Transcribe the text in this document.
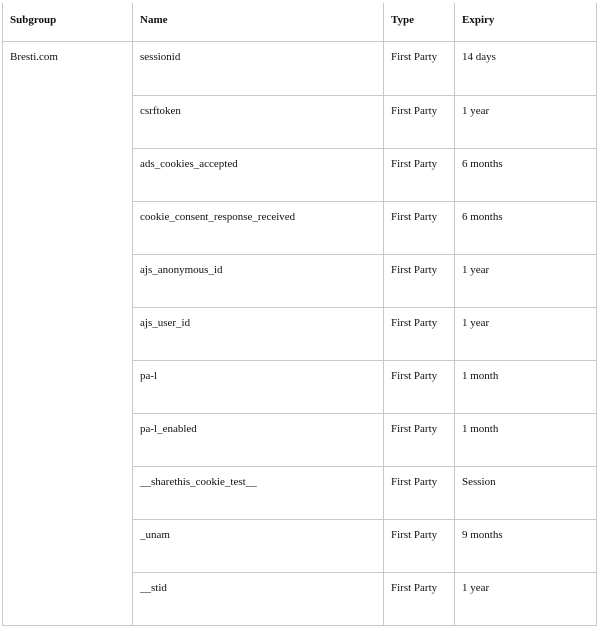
Subgroup	Name	Type	Expiry
Bresti.com	sessionid	First Party	14 days
	csrftoken	First Party	1 year
	ads_cookies_accepted	First Party	6 months
	cookie_consent_response_received	First Party	6 months
	ajs_anonymous_id	First Party	1 year
	ajs_user_id	First Party	1 year
	pa-l	First Party	1 month
	pa-l_enabled	First Party	1 month
	__sharethis_cookie_test__	First Party	Session
	_unam	First Party	9 months
	__stid	First Party	1 year
